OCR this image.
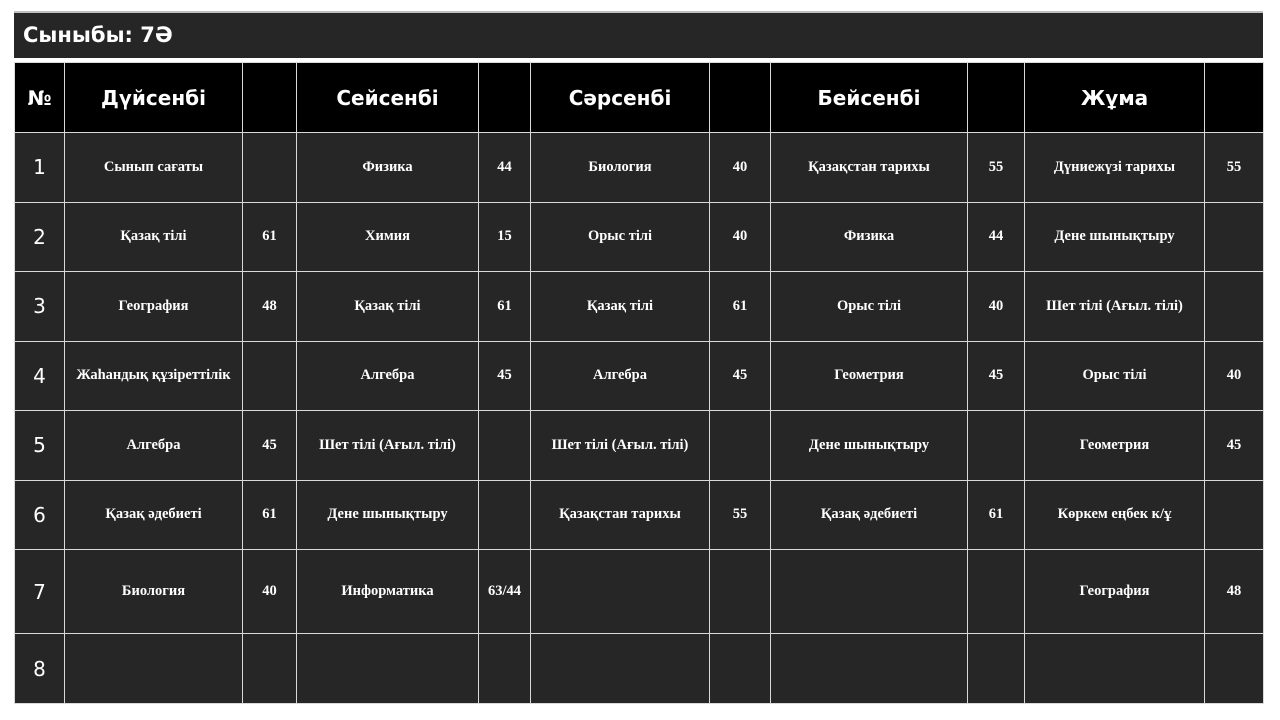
Сыныбы: 7Ә
№	Дүйсенбі		Сейсенбі		Сәрсенбі		Бейсенбі		Жұма	
1	Сынып сағаты		Физика	44	Биология	40	Қазақстан тарихы	55	Дүниежүзі тарихы	55
2	Қазақ тілі	61	Химия	15	Орыс тілі	40	Физика	44	Дене шынықтыру	
3	География	48	Қазақ тілі	61	Қазақ тілі	61	Орыс тілі	40	Шет тілі (Ағыл. тілі)	
4	Жаһандық құзіреттілік		Алгебра	45	Алгебра	45	Геометрия	45	Орыс тілі	40
5	Алгебра	45	Шет тілі (Ағыл. тілі)		Шет тілі (Ағыл. тілі)		Дене шынықтыру		Геометрия	45
6	Қазақ әдебиеті	61	Дене шынықтыру		Қазақстан тарихы	55	Қазақ әдебиеті	61	Көркем еңбек к/ұ	
7	Биология	40	Информатика	63/44					География	48
8										
